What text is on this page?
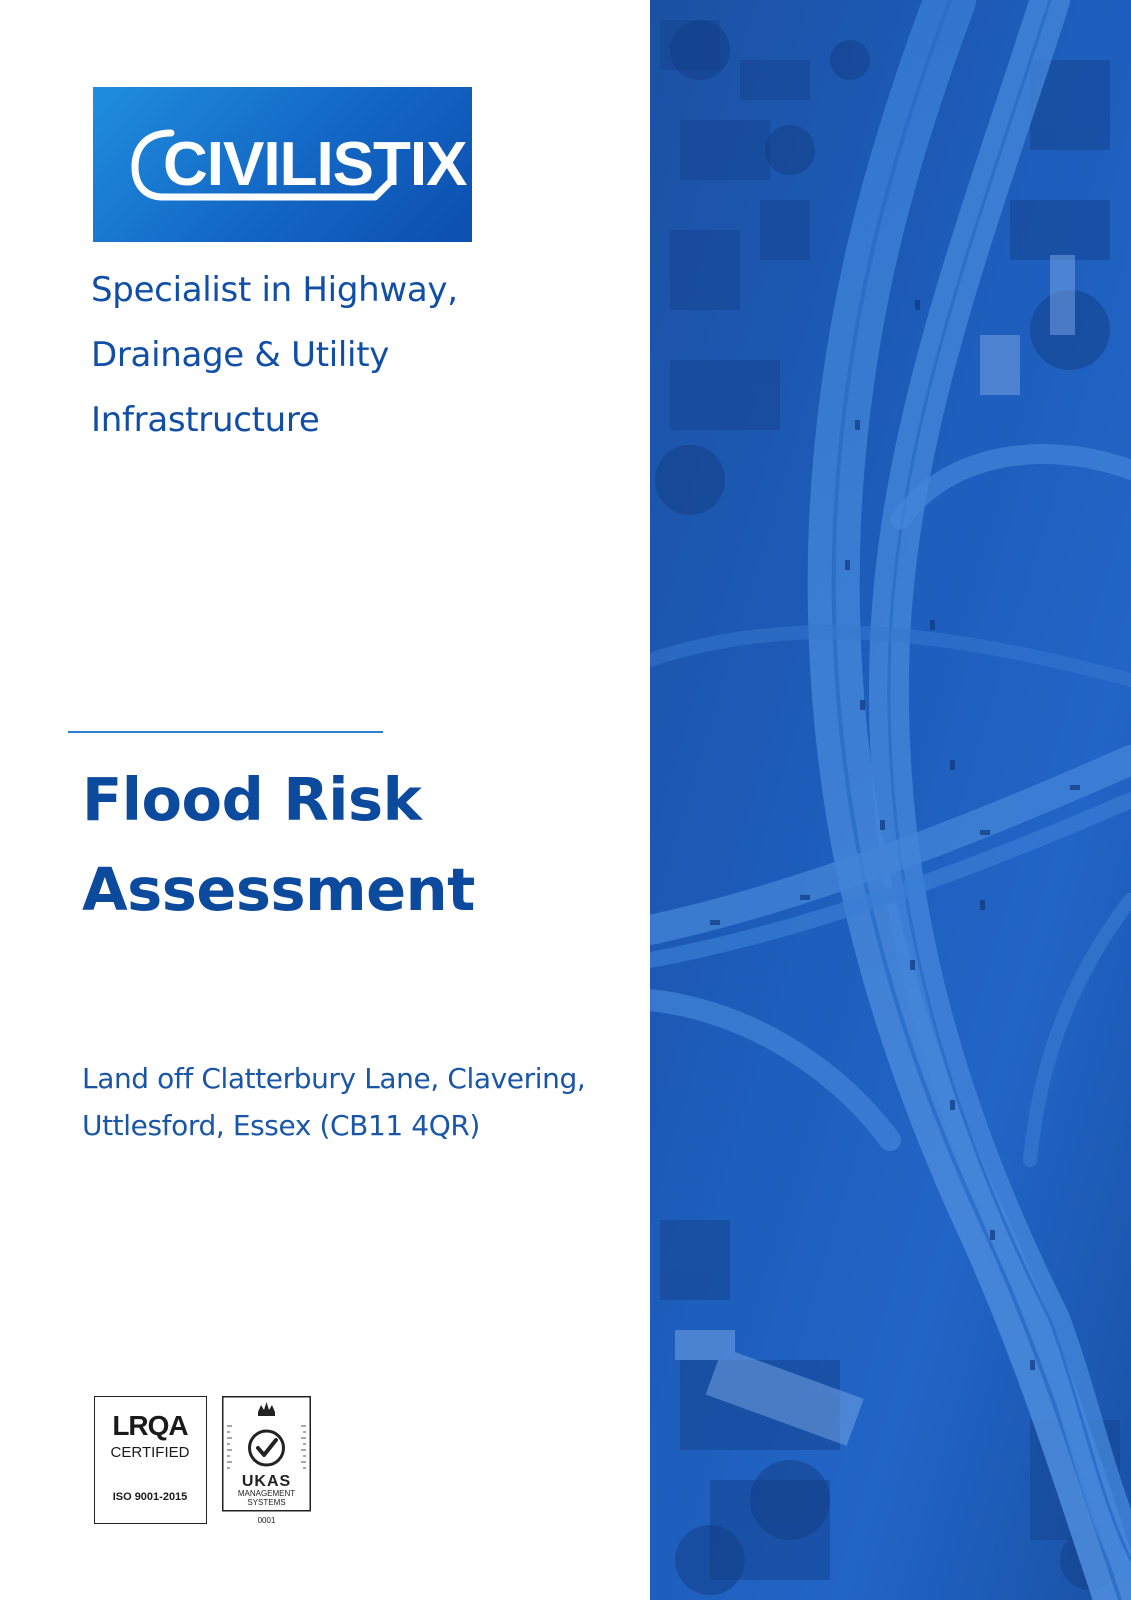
CIVILISTIX
Specialist in Highway,
Drainage & Utility
Infrastructure
Flood Risk
Assessment
Land off Clatterbury Lane, Clavering,
Uttlesford, Essex (CB11 4QR)
LRQA
CERTIFIED
ISO 9001-2015
UKAS
MANAGEMENT
SYSTEMS
0001
